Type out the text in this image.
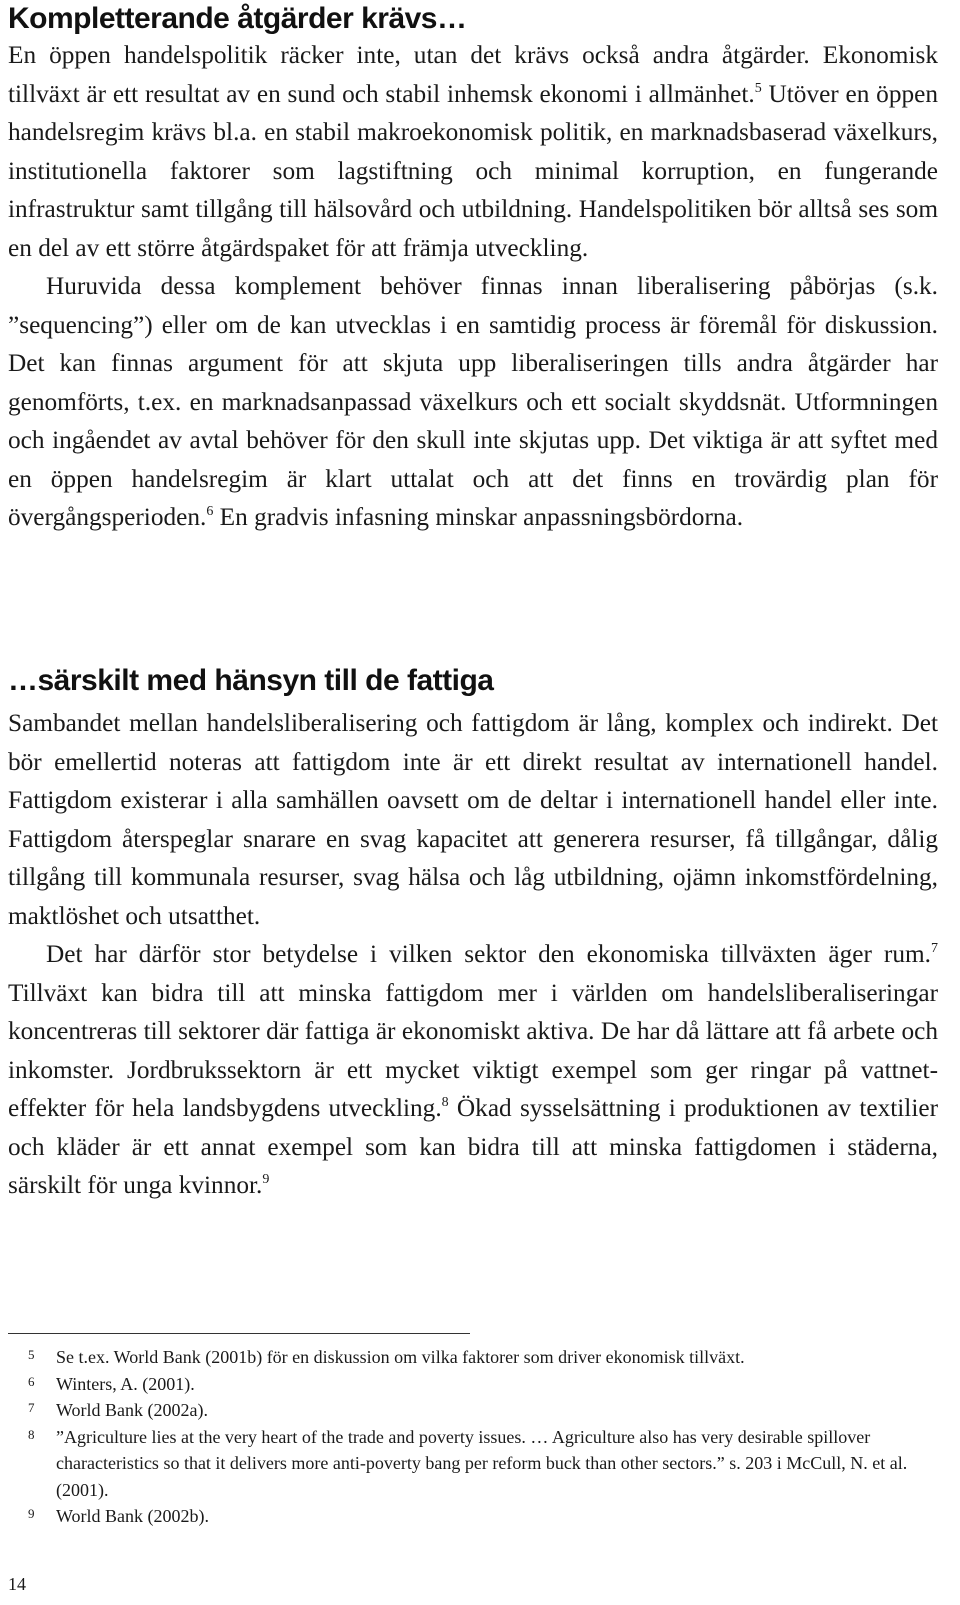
Kompletterande åtgärder krävs…

En öppen handelspolitik räcker inte, utan det krävs också andra åtgärder. Ekonomisk tillväxt är ett resultat av en sund och stabil inhemsk ekonomi i allmänhet.$^5$ Utöver en öppen handelsregim krävs bl.a. en stabil makroekonomisk politik, en marknadsbaserad växelkurs, institutionella faktorer som lagstiftning och minimal korruption, en fungerande infrastruktur samt tillgång till hälsovård och utbildning. Handelspolitiken bör alltså ses som en del av ett större åtgärdspaket för att främja utveckling.

Huruvida dessa komplement behöver finnas innan liberalisering påbörjas (s.k. ”sequencing”) eller om de kan utvecklas i en samtidig process är föremål för diskussion. Det kan finnas argument för att skjuta upp liberaliseringen tills andra åtgärder har genomförts, t.ex. en marknadsanpassad växelkurs och ett socialt skyddsnät. Utformningen och ingåendet av avtal behöver för den skull inte skjutas upp. Det viktiga är att syftet med en öppen handelsregim är klart uttalat och att det finns en trovärdig plan för övergångsperioden.$^6$ En gradvis infasning minskar anpassningsbördorna.

…särskilt med hänsyn till de fattiga

Sambandet mellan handelsliberalisering och fattigdom är lång, komplex och indirekt. Det bör emellertid noteras att fattigdom inte är ett direkt resultat av internationell handel. Fattigdom existerar i alla samhällen oavsett om de deltar i internationell handel eller inte. Fattigdom återspeglar snarare en svag kapacitet att generera resurser, få tillgångar, dålig tillgång till kommunala resurser, svag hälsa och låg utbildning, ojämn inkomstfördelning, maktlöshet och utsatthet.

Det har därför stor betydelse i vilken sektor den ekonomiska tillväxten äger rum.$^7$ Tillväxt kan bidra till att minska fattigdom mer i världen om handelsliberaliseringar koncentreras till sektorer där fattiga är ekonomiskt aktiva. De har då lättare att få arbete och inkomster. Jordbrukssektorn är ett mycket viktigt exempel som ger ringar på vattnet-effekter för hela landsbygdens utveckling.$^8$ Ökad sysselsättning i produktionen av textilier och kläder är ett annat exempel som kan bidra till att minska fattigdomen i städerna, särskilt för unga kvinnor.$^9$

5 Se t.ex. World Bank (2001b) för en diskussion om vilka faktorer som driver ekonomisk tillväxt.
6 Winters, A. (2001).
7 World Bank (2002a).
8 ”Agriculture lies at the very heart of the trade and poverty issues. … Agriculture also has very desirable spillover characteristics so that it delivers more anti-poverty bang per reform buck than other sectors.” s. 203 i McCull, N. et al. (2001).
9 World Bank (2002b).
14
